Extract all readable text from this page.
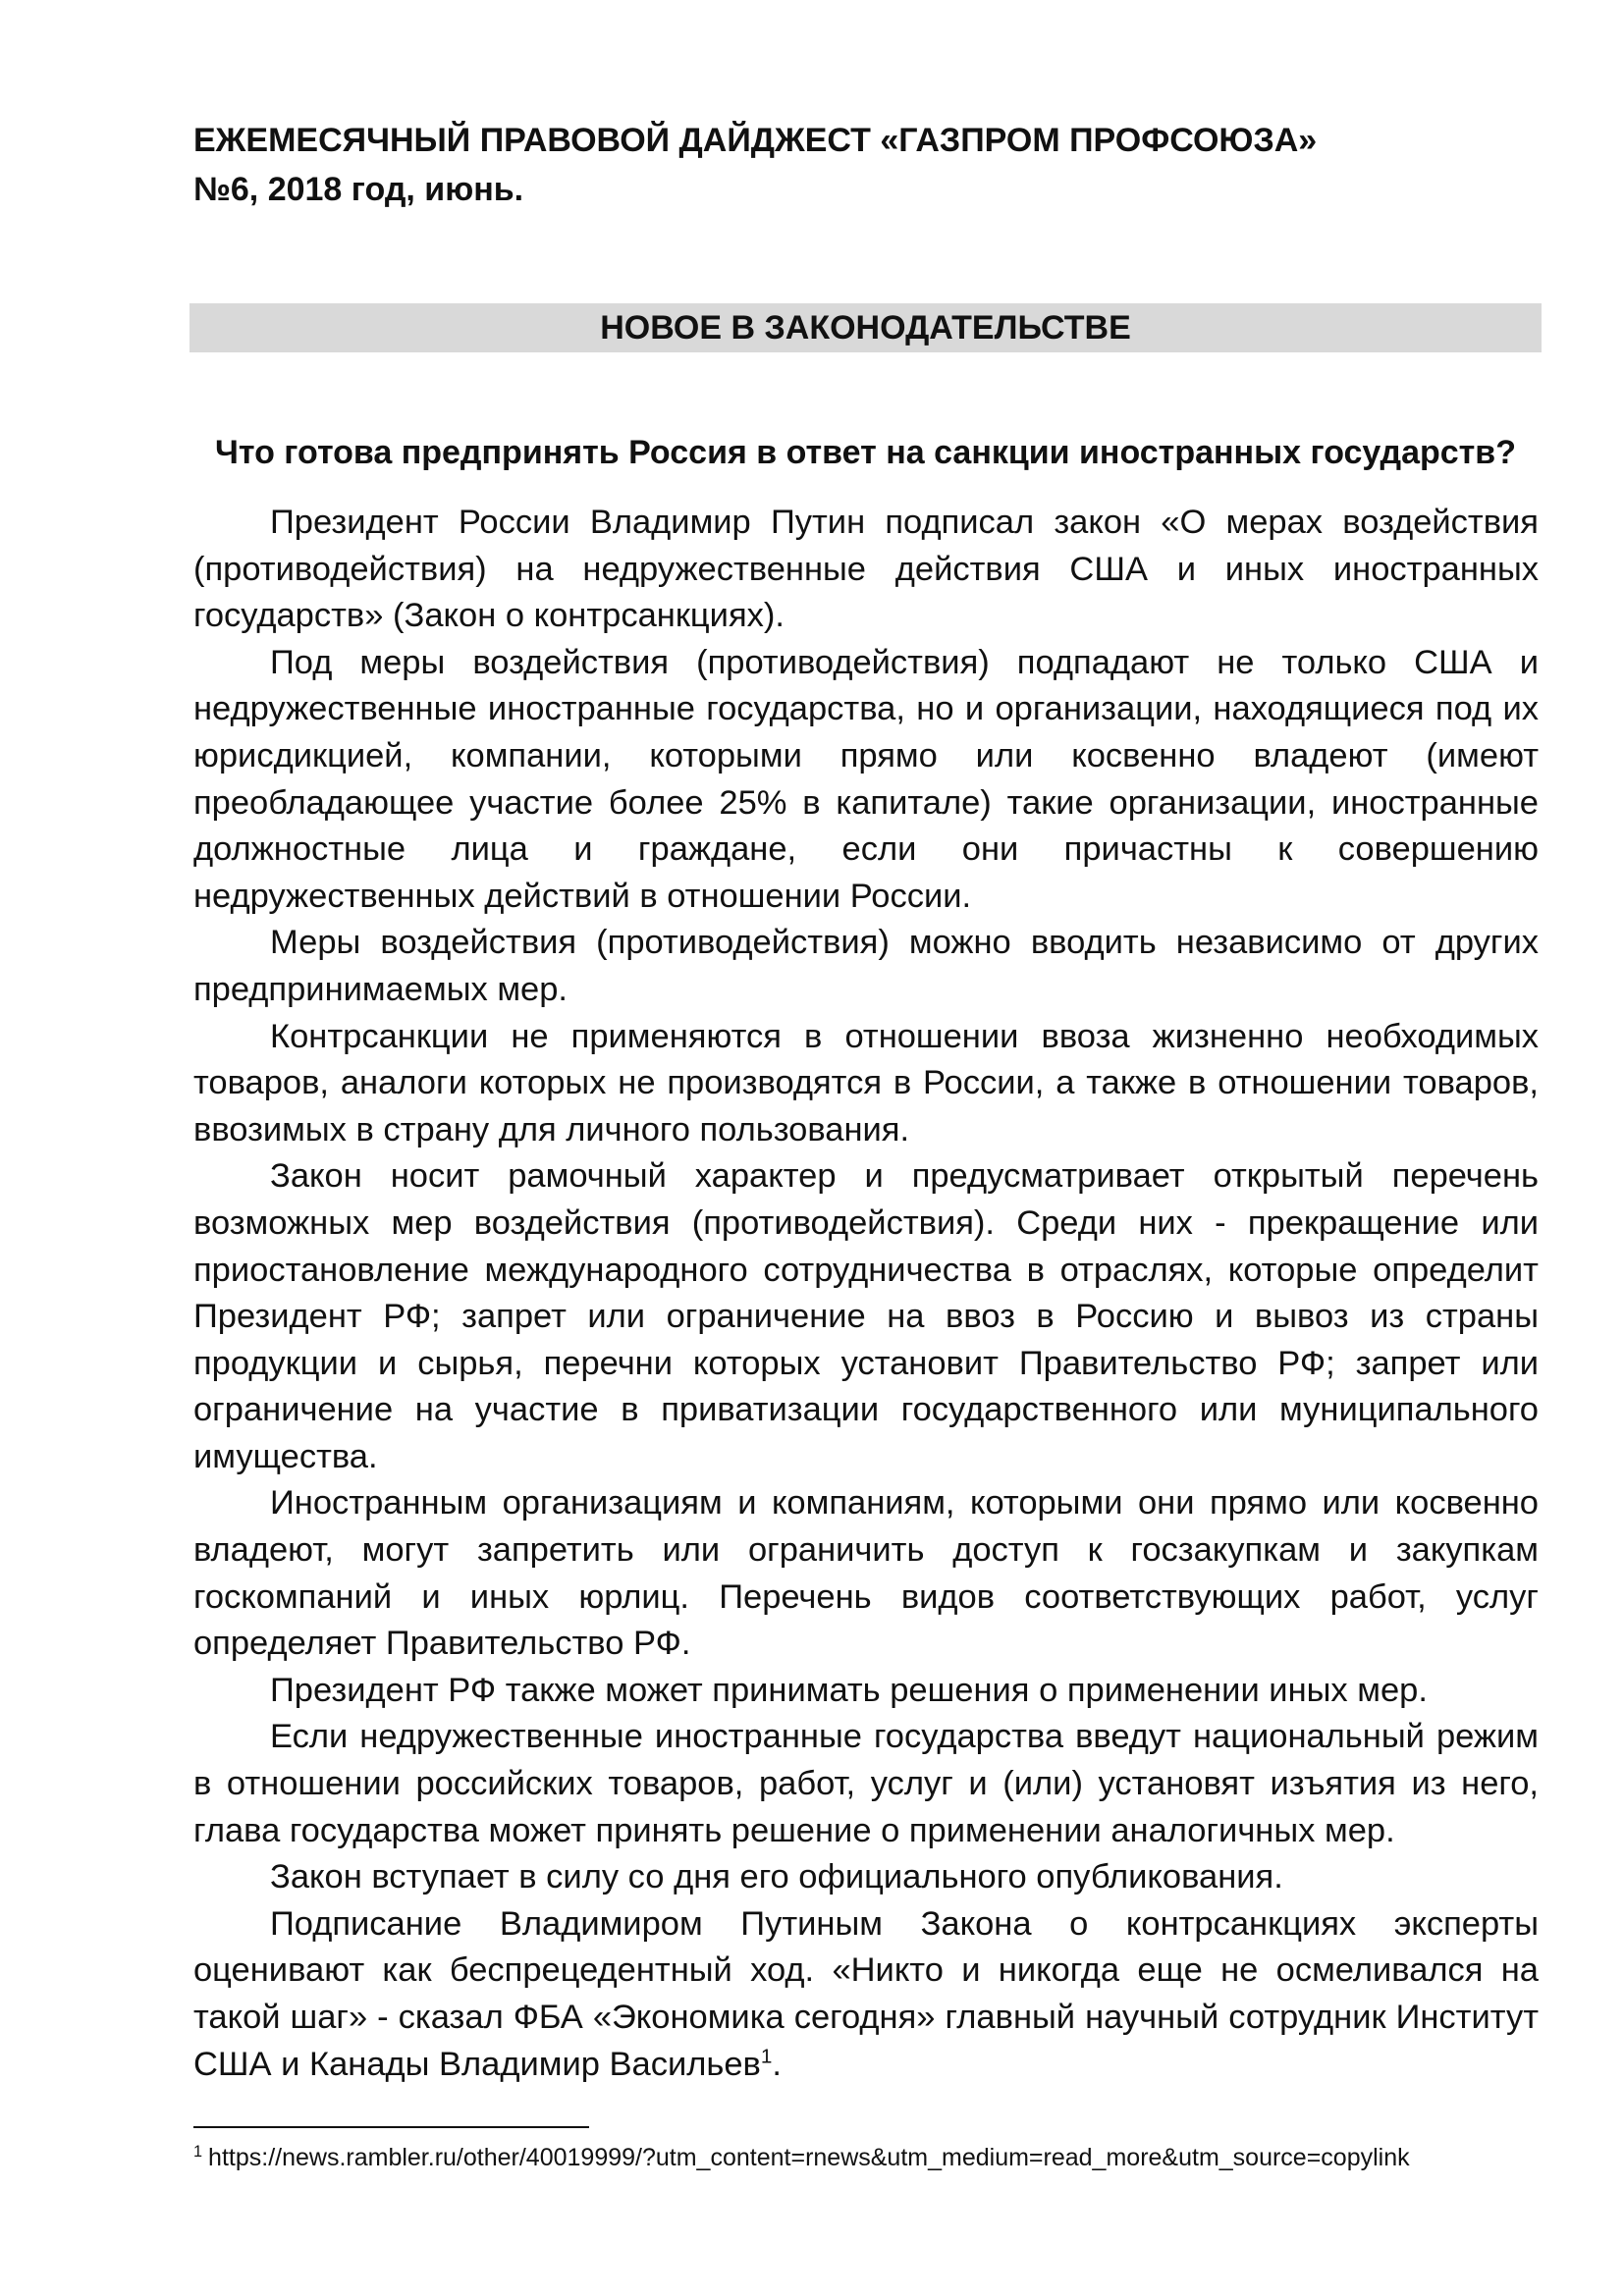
ЕЖЕМЕСЯЧНЫЙ ПРАВОВОЙ ДАЙДЖЕСТ «ГАЗПРОМ ПРОФСОЮЗА»
№6, 2018 год, июнь.
НОВОЕ В ЗАКОНОДАТЕЛЬСТВЕ
Что готова предпринять Россия в ответ на санкции иностранных государств?

Президент России Владимир Путин подписал закон «О мерах воздействия (противодействия) на недружественные действия США и иных иностранных государств» (Закон о контрсанкциях).

Под меры воздействия (противодействия) подпадают не только США и недружественные иностранные государства, но и организации, находящиеся под их юрисдикцией, компании, которыми прямо или косвенно владеют (имеют преобладающее участие более 25% в капитале) такие организации, иностранные должностные лица и граждане, если они причастны к совершению недружественных действий в отношении России.

Меры воздействия (противодействия) можно вводить независимо от других предпринимаемых мер.

Контрсанкции не применяются в отношении ввоза жизненно необходимых товаров, аналоги которых не производятся в России, а также в отношении товаров, ввозимых в страну для личного пользования.

Закон носит рамочный характер и предусматривает открытый перечень возможных мер воздействия (противодействия). Среди них - прекращение или приостановление международного сотрудничества в отраслях, которые определит Президент РФ; запрет или ограничение на ввоз в Россию и вывоз из страны продукции и сырья, перечни которых установит Правительство РФ; запрет или ограничение на участие в приватизации государственного или муниципального имущества.

Иностранным организациям и компаниям, которыми они прямо или косвенно владеют, могут запретить или ограничить доступ к госзакупкам и закупкам госкомпаний и иных юрлиц. Перечень видов соответствующих работ, услуг определяет Правительство РФ.

Президент РФ также может принимать решения о применении иных мер.

Если недружественные иностранные государства введут национальный режим в отношении российских товаров, работ, услуг и (или) установят изъятия из него, глава государства может принять решение о применении аналогичных мер.

Закон вступает в силу со дня его официального опубликования.

Подписание Владимиром Путиным Закона о контрсанкциях эксперты оценивают как беспрецедентный ход. «Никто и никогда еще не осмеливался на такой шаг» - сказал ФБА «Экономика сегодня» главный научный сотрудник Институт США и Канады Владимир Васильев$^1$.

$^1$ https://news.rambler.ru/other/40019999/?utm_content=rnews&utm_medium=read_more&utm_source=copylink
